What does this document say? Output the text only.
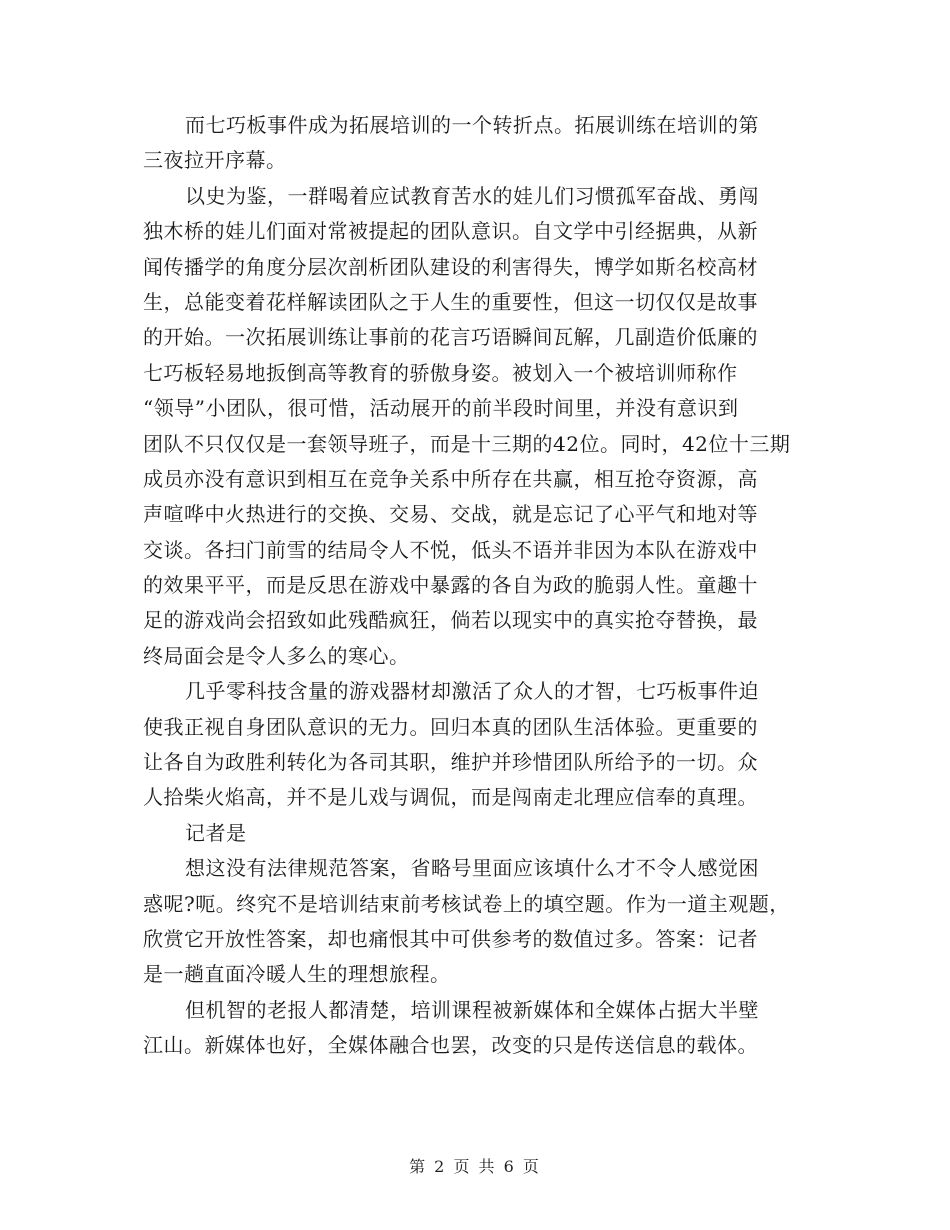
而七巧板事件成为拓展培训的一个转折点。拓展训练在培训的第
三夜拉开序幕。
以史为鉴，一群喝着应试教育苦水的娃儿们习惯孤军奋战、勇闯
独木桥的娃儿们面对常被提起的团队意识。自文学中引经据典，从新
闻传播学的角度分层次剖析团队建设的利害得失，博学如斯名校高材
生，总能变着花样解读团队之于人生的重要性，但这一切仅仅是故事
的开始。一次拓展训练让事前的花言巧语瞬间瓦解，几副造价低廉的
七巧板轻易地扳倒高等教育的骄傲身姿。被划入一个被培训师称作
“领导”小团队，很可惜，活动展开的前半段时间里，并没有意识到
团队不只仅仅是一套领导班子，而是十三期的42位。同时，42位十三期
成员亦没有意识到相互在竞争关系中所存在共赢，相互抢夺资源，高
声喧哗中火热进行的交换、交易、交战，就是忘记了心平气和地对等
交谈。各扫门前雪的结局令人不悦，低头不语并非因为本队在游戏中
的效果平平，而是反思在游戏中暴露的各自为政的脆弱人性。童趣十
足的游戏尚会招致如此残酷疯狂，倘若以现实中的真实抢夺替换，最
终局面会是令人多么的寒心。
几乎零科技含量的游戏器材却激活了众人的才智，七巧板事件迫
使我正视自身团队意识的无力。回归本真的团队生活体验。更重要的
让各自为政胜利转化为各司其职，维护并珍惜团队所给予的一切。众
人拾柴火焰高，并不是儿戏与调侃，而是闯南走北理应信奉的真理。
记者是
想这没有法律规范答案，省略号里面应该填什么才不令人感觉困
惑呢?呃。终究不是培训结束前考核试卷上的填空题。作为一道主观题，
欣赏它开放性答案，却也痛恨其中可供参考的数值过多。答案：记者
是一趟直面冷暖人生的理想旅程。
但机智的老报人都清楚，培训课程被新媒体和全媒体占据大半壁
江山。新媒体也好，全媒体融合也罢，改变的只是传送信息的载体。
第 2 页 共 6 页
